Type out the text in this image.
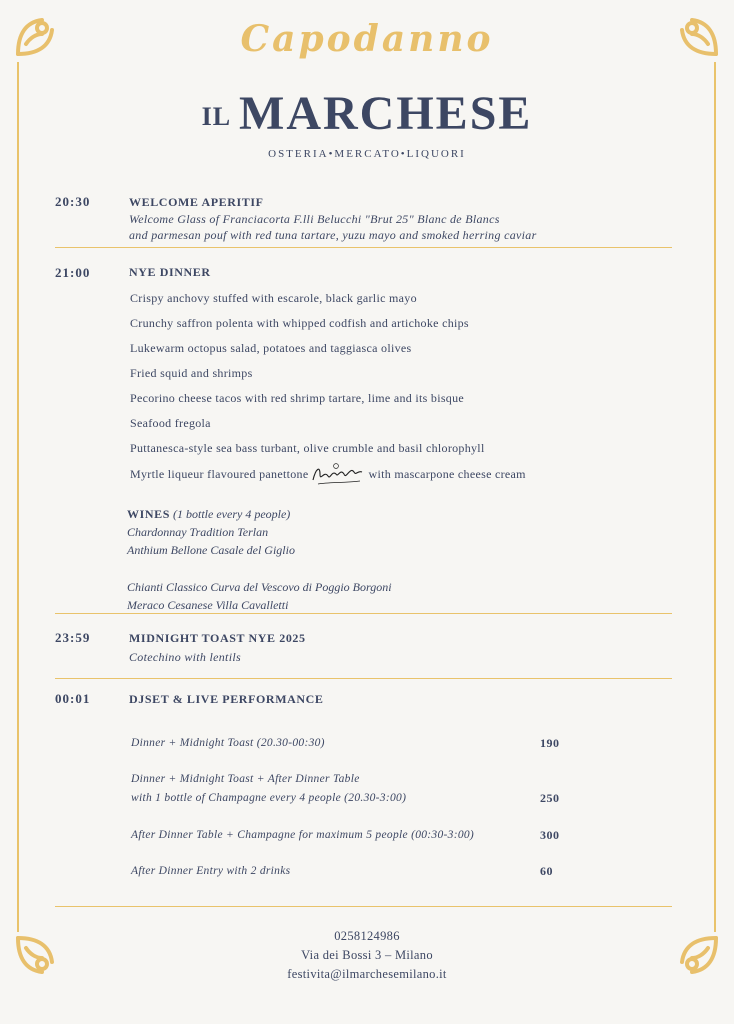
Capodanno
IL MARCHESE
OSTERIA•MERCATO•LIQUORI
20:30	WELCOME APERITIF
Welcome Glass of Franciacorta F.lli Belucchi "Brut 25" Blanc de Blancs
and parmesan pouf with red tuna tartare, yuzu mayo and smoked herring caviar
21:00	NYE DINNER
Crispy anchovy stuffed with escarole, black garlic mayo
Crunchy saffron polenta with whipped codfish and artichoke chips
Lukewarm octopus salad, potatoes and taggiasca olives
Fried squid and shrimps
Pecorino cheese tacos with red shrimp tartare, lime and its bisque
Seafood fregola
Puttanesca-style sea bass turbant, olive crumble and basil chlorophyll
Myrtle liqueur flavoured panettone	with mascarpone cheese cream
WINES (1 bottle every 4 people)
Chardonnay Tradition Terlan
Anthium Bellone Casale del Giglio
Chianti Classico Curva del Vescovo di Poggio Borgoni
Meraco Cesanese Villa Cavalletti
23:59	MIDNIGHT TOAST NYE 2025
Cotechino with lentils
00:01	DJSET & LIVE PERFORMANCE
Dinner + Midnight Toast (20.30-00:30)	190
Dinner + Midnight Toast + After Dinner Table
with 1 bottle of Champagne every 4 people (20.30-3:00)	250
After Dinner Table + Champagne for maximum 5 people (00:30-3:00)	300
After Dinner Entry with 2 drinks	60
0258124986
Via dei Bossi 3 – Milano
festivita@ilmarchesemilano.it
